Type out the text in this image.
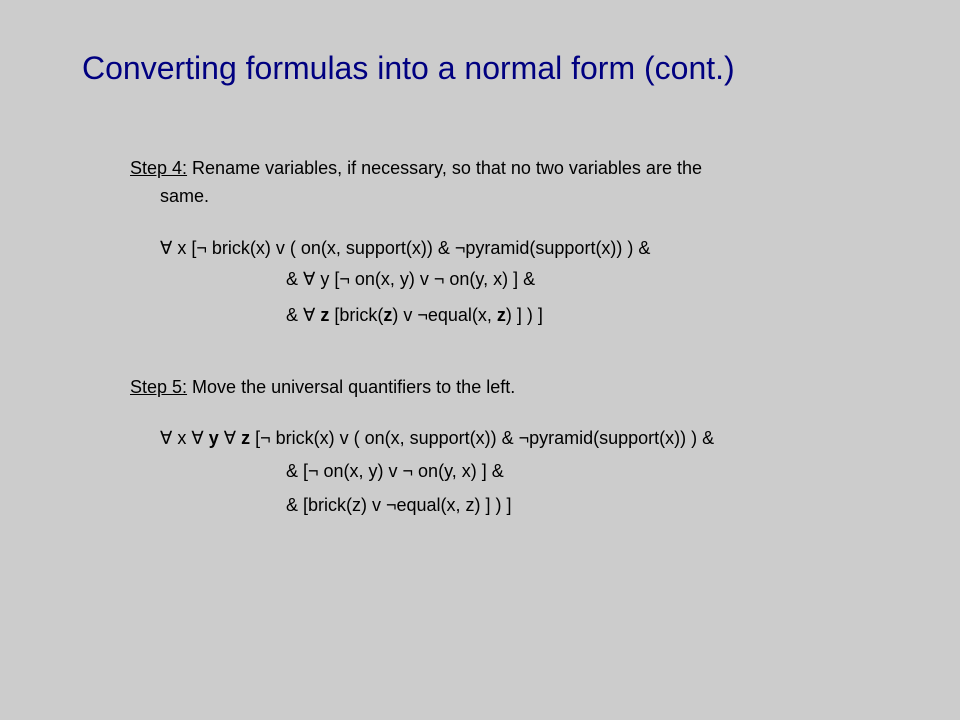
Converting formulas into a normal form (cont.)
Step 4: Rename variables, if necessary, so that no two variables are the
same.
∀ x [¬ brick(x) v ( on(x, support(x)) & ¬pyramid(support(x)) ) &
& ∀ y [¬ on(x, y) v ¬ on(y, x) ] &
& ∀ z [brick(z) v ¬equal(x, z) ] ) ]
Step 5: Move the universal quantifiers to the left.
∀ x ∀ y ∀ z [¬ brick(x) v ( on(x, support(x)) & ¬pyramid(support(x)) ) &
& [¬ on(x, y) v ¬ on(y, x) ] &
& [brick(z) v ¬equal(x, z) ] ) ]
